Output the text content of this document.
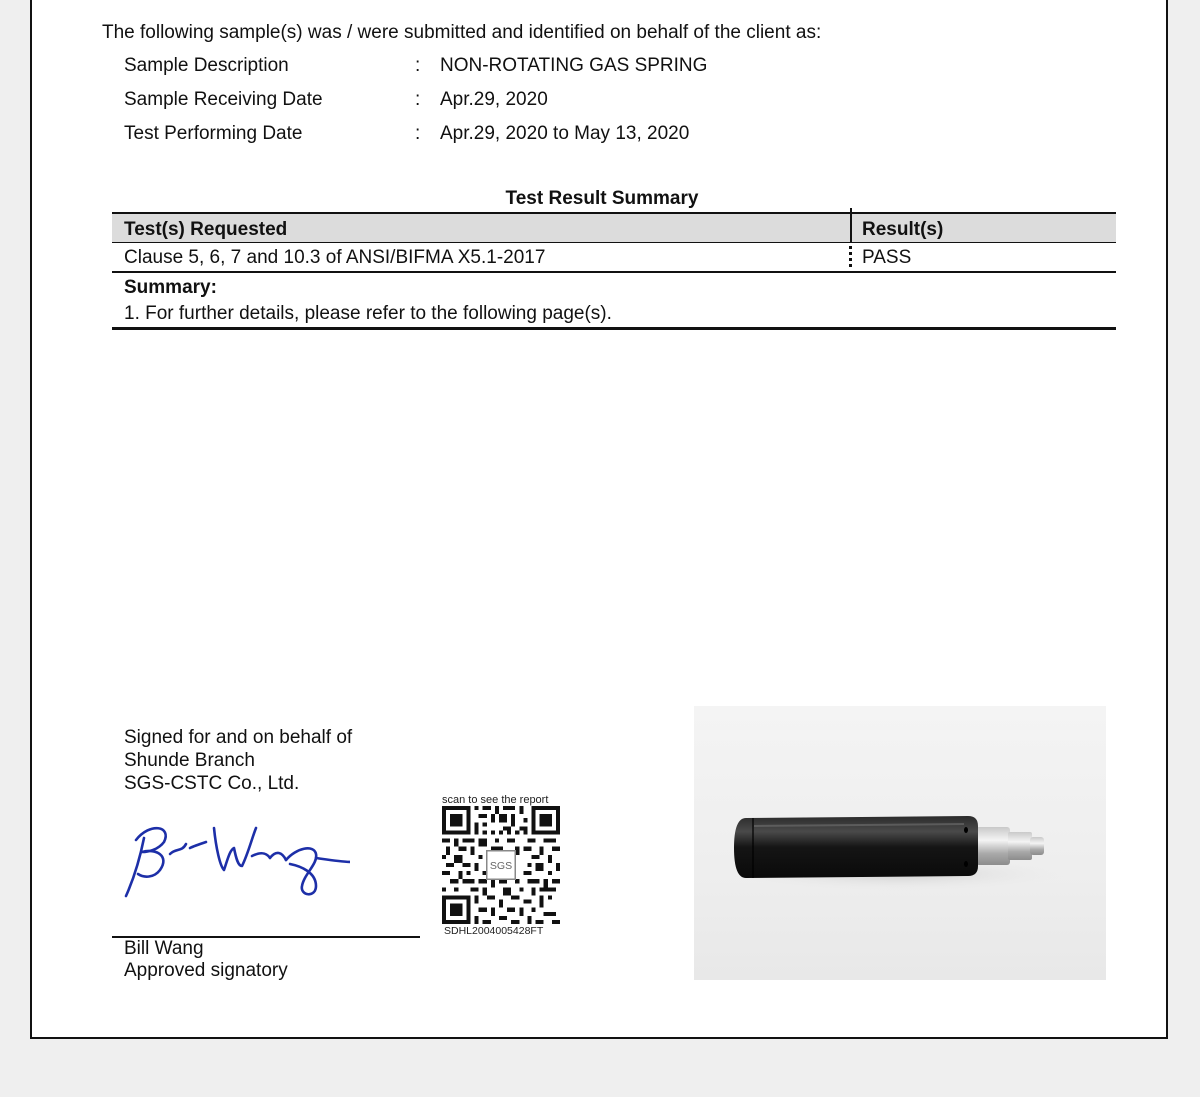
The following sample(s) was / were submitted and identified on behalf of the client as:
Sample Description	: NON-ROTATING GAS SPRING
Sample Receiving Date	: Apr.29, 2020
Test Performing Date	: Apr.29, 2020 to May 13, 2020
Test Result Summary
Test(s) Requested	Result(s)
Clause 5, 6, 7 and 10.3 of ANSI/BIFMA X5.1-2017	PASS
Summary:
1. For further details, please refer to the following page(s).
Signed for and on behalf of
Shunde Branch
SGS-CSTC Co., Ltd.
Bill Wang
Approved signatory
scan to see the report
SGS
SDHL2004005428FT
